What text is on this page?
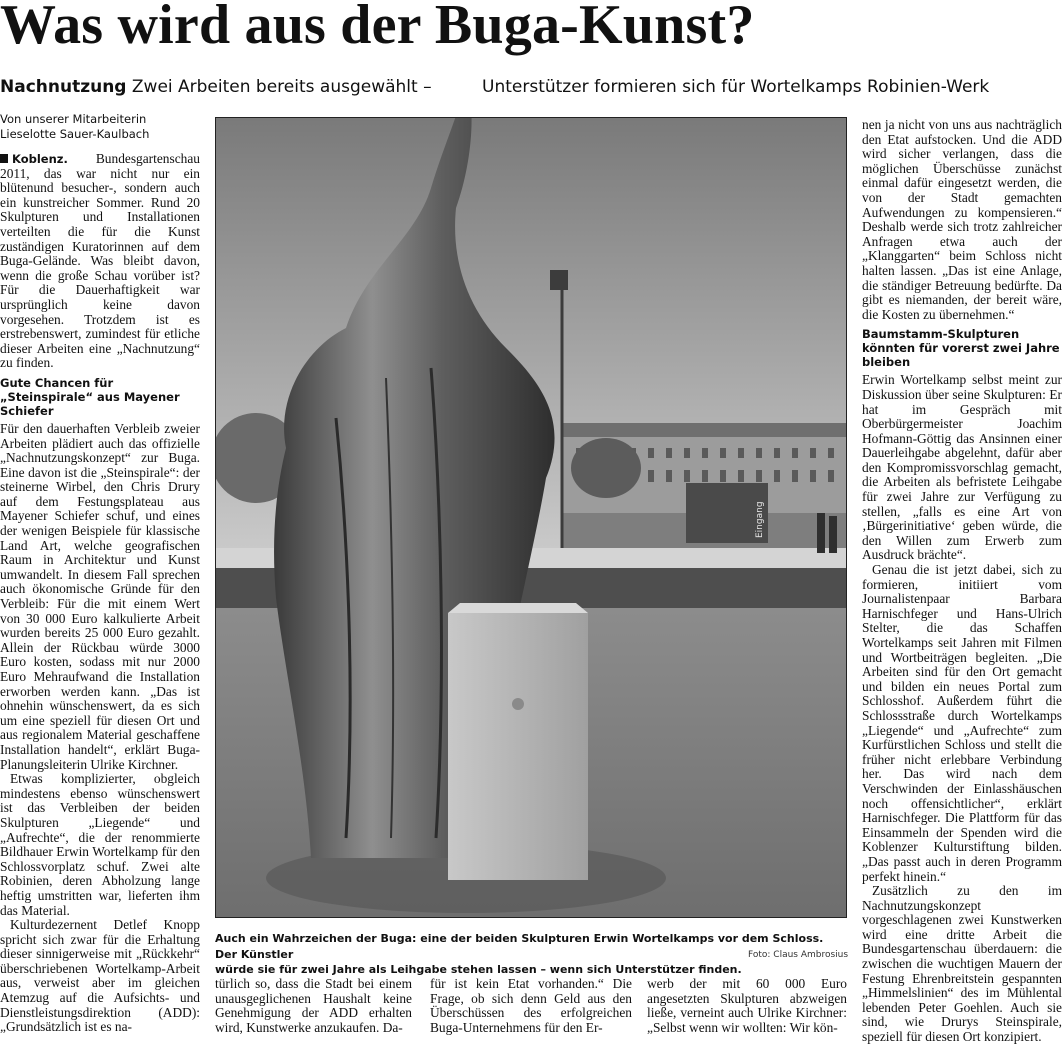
Was wird aus der Buga-Kunst?
Nachnutzung Zwei Arbeiten bereits ausgewählt –	Unterstützer formieren sich für Wortelkamps Robinien-Werk
Von unserer Mitarbeiterin
Lieselotte Sauer-Kaulbach

Koblenz. Bundesgartenschau 2011, das war nicht nur ein blütenund besucher-, sondern auch ein kunstreicher Sommer. Rund 20 Skulpturen und Installationen verteilten die für die Kunst zuständigen Kuratorinnen auf dem Buga-Gelände. Was bleibt davon, wenn die große Schau vorüber ist? Für die Dauerhaftigkeit war ursprünglich keine davon vorgesehen. Trotzdem ist es erstrebenswert, zumindest für etliche dieser Arbeiten eine „Nachnutzung“ zu finden.

Gute Chancen für „Steinspirale“ aus Mayener Schiefer

Für den dauerhaften Verbleib zweier Arbeiten plädiert auch das offizielle „Nachnutzungskonzept“ zur Buga. Eine davon ist die „Steinspirale“: der steinerne Wirbel, den Chris Drury auf dem Festungsplateau aus Mayener Schiefer schuf, und eines der wenigen Beispiele für klassische Land Art, welche geografischen Raum in Architektur und Kunst umwandelt. In diesem Fall sprechen auch ökonomische Gründe für den Verbleib: Für die mit einem Wert von 30 000 Euro kalkulierte Arbeit wurden bereits 25 000 Euro gezahlt. Allein der Rückbau würde 3000 Euro kosten, sodass mit nur 2000 Euro Mehraufwand die Installation erworben werden kann. „Das ist ohnehin wünschenswert, da es sich um eine speziell für diesen Ort und aus regionalem Material geschaffene Installation handelt“, erklärt Buga-Planungsleiterin Ulrike Kirchner.

Etwas komplizierter, obgleich mindestens ebenso wünschenswert ist das Verbleiben der beiden Skulpturen „Liegende“ und „Aufrechte“, die der renommierte Bildhauer Erwin Wortelkamp für den Schlossvorplatz schuf. Zwei alte Robinien, deren Abholzung lange heftig umstritten war, lieferten ihm das Material.

Kulturdezernent Detlef Knopp spricht sich zwar für die Erhaltung dieser sinnigerweise mit „Rückkehr“ überschriebenen Wortelkamp-Arbeit aus, verweist aber im gleichen Atemzug auf die Aufsichts- und Dienstleistungsdirektion (ADD): „Grundsätzlich ist es na-

Eingang
Auch ein Wahrzeichen der Buga: eine der beiden Skulpturen Erwin Wortelkamps vor dem Schloss. Der Künstler
würde sie für zwei Jahre als Leihgabe stehen lassen – wenn sich Unterstützer finden.
Foto: Claus Ambrosius

türlich so, dass die Stadt bei einem unausgeglichenen Haushalt keine Genehmigung der ADD erhalten wird, Kunstwerke anzukaufen. Da-

für ist kein Etat vorhanden.“ Die Frage, ob sich denn Geld aus den Überschüssen des erfolgreichen Buga-Unternehmens für den Er-

werb der mit 60 000 Euro angesetzten Skulpturen abzweigen ließe, verneint auch Ulrike Kirchner: „Selbst wenn wir wollten: Wir kön-

nen ja nicht von uns aus nachträglich den Etat aufstocken. Und die ADD wird sicher verlangen, dass die möglichen Überschüsse zunächst einmal dafür eingesetzt werden, die von der Stadt gemachten Aufwendungen zu kompensieren.“ Deshalb werde sich trotz zahlreicher Anfragen etwa auch der „Klanggarten“ beim Schloss nicht halten lassen. „Das ist eine Anlage, die ständiger Betreuung bedürfte. Da gibt es niemanden, der bereit wäre, die Kosten zu übernehmen.“

Baumstamm-Skulpturen könnten für vorerst zwei Jahre bleiben

Erwin Wortelkamp selbst meint zur Diskussion über seine Skulpturen: Er hat im Gespräch mit Oberbürgermeister Joachim Hofmann-Göttig das Ansinnen einer Dauerleihgabe abgelehnt, dafür aber den Kompromissvorschlag gemacht, die Arbeiten als befristete Leihgabe für zwei Jahre zur Verfügung zu stellen, „falls es eine Art von ‚Bürgerinitiative‘ geben würde, die den Willen zum Erwerb zum Ausdruck brächte“.

Genau die ist jetzt dabei, sich zu formieren, initiiert vom Journalistenpaar Barbara Harnischfeger und Hans-Ulrich Stelter, die das Schaffen Wortelkamps seit Jahren mit Filmen und Wortbeiträgen begleiten. „Die Arbeiten sind für den Ort gemacht und bilden ein neues Portal zum Schlosshof. Außerdem führt die Schlossstraße durch Wortelkamps „Liegende“ und „Aufrechte“ zum Kurfürstlichen Schloss und stellt die früher nicht erlebbare Verbindung her. Das wird nach dem Verschwinden der Einlasshäuschen noch offensichtlicher“, erklärt Harnischfeger. Die Plattform für das Einsammeln der Spenden wird die Koblenzer Kulturstiftung bilden. „Das passt auch in deren Programm perfekt hinein.“

Zusätzlich zu den im Nachnutzungskonzept vorgeschlagenen zwei Kunstwerken wird eine dritte Arbeit die Bundesgartenschau überdauern: die zwischen die wuchtigen Mauern der Festung Ehrenbreitstein gespannten „Himmelslinien“ des im Mühlental lebenden Peter Goehlen. Auch sie sind, wie Drurys Steinspirale, speziell für diesen Ort konzipiert.
